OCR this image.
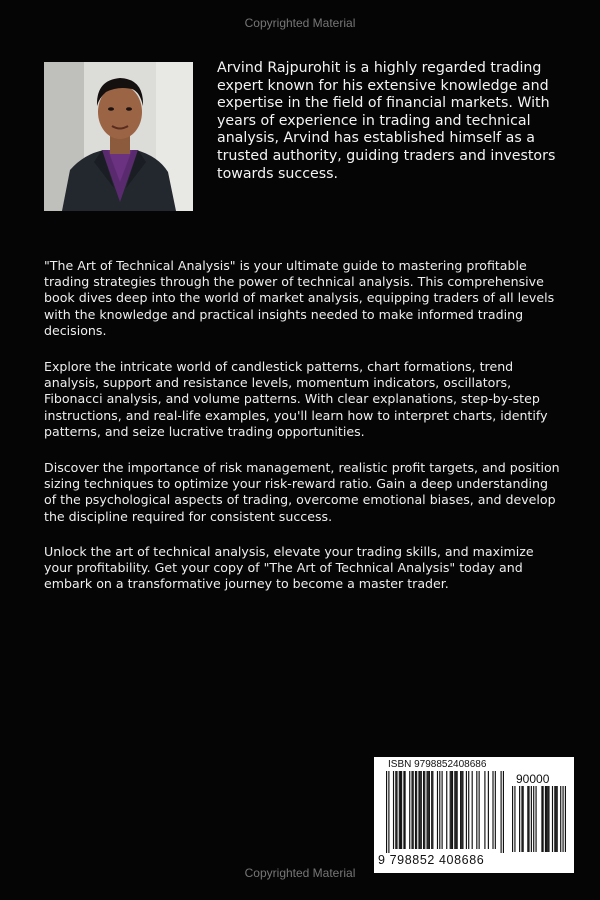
Copyrighted Material

Arvind Rajpurohit is a highly regarded trading expert known for his extensive knowledge and expertise in the field of financial markets. With years of experience in trading and technical analysis, Arvind has established himself as a trusted authority, guiding traders and investors towards success.

"The Art of Technical Analysis" is your ultimate guide to mastering profitable trading strategies through the power of technical analysis. This comprehensive book dives deep into the world of market analysis, equipping traders of all levels with the knowledge and practical insights needed to make informed trading decisions.

Explore the intricate world of candlestick patterns, chart formations, trend analysis, support and resistance levels, momentum indicators, oscillators, Fibonacci analysis, and volume patterns. With clear explanations, step-by-step instructions, and real-life examples, you'll learn how to interpret charts, identify patterns, and seize lucrative trading opportunities.

Discover the importance of risk management, realistic profit targets, and position sizing techniques to optimize your risk-reward ratio. Gain a deep understanding of the psychological aspects of trading, overcome emotional biases, and develop the discipline required for consistent success.

Unlock the art of technical analysis, elevate your trading skills, and maximize your profitability. Get your copy of "The Art of Technical Analysis" today and embark on a transformative journey to become a master trader.

ISBN 9798852408686
90000
9 798852 408686
Copyrighted Material
